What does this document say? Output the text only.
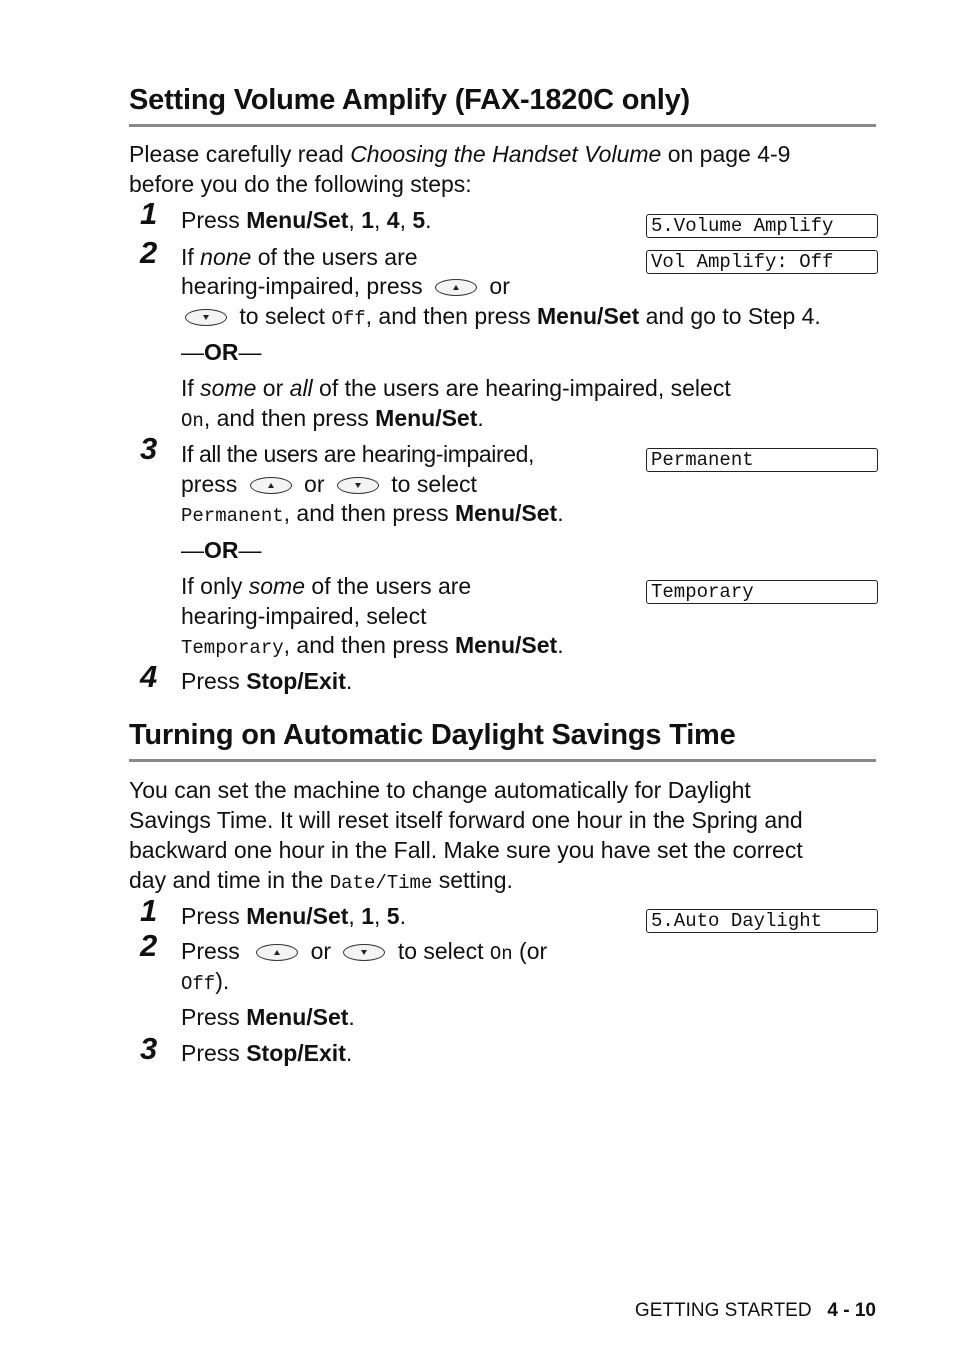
Setting Volume Amplify (FAX-1820C only)
Please carefully read Choosing the Handset Volume on page 4-9
before you do the following steps:
1 Press Menu/Set, 1, 4, 5.	5.Volume Amplify
2 If none of the users are	Vol Amplify: Off
hearing-impaired, press	or
to select Off, and then press Menu/Set and go to Step 4.
—OR—
If some or all of the users are hearing-impaired, select
On, and then press Menu/Set.
3 If all the users are hearing-impaired,	Permanent
press	or	to select
Permanent, and then press Menu/Set.
—OR—
If only some of the users are	Temporary
hearing-impaired, select
Temporary, and then press Menu/Set.
4 Press Stop/Exit.
Turning on Automatic Daylight Savings Time
You can set the machine to change automatically for Daylight
Savings Time. It will reset itself forward one hour in the Spring and
backward one hour in the Fall. Make sure you have set the correct
day and time in the Date/Time setting.
1 Press Menu/Set, 1, 5.	5.Auto Daylight
2 Press	or	to select On (or
Off).
Press Menu/Set.
3 Press Stop/Exit.
GETTING STARTED 4 - 10
